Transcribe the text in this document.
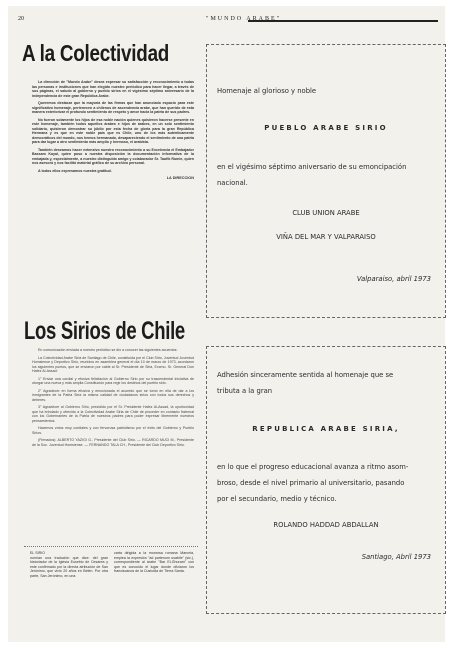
20	"MUNDO ARABE"
A la Colectividad

La dirección de "Mundo Arabe" desea expresar su satisfacción y reconocimiento a todas las personas e instituciones que han elegido nuestro periódico para hacer llegar, a través de sus páginas, el saludo al gobierno y pueblo sirios en el vigésimo séptimo aniversario de la independencia de este gran República Arabe.

Queremos destacar que la mayoría de las firmas que han anunciado espacio para este significativo homenaje, pertenecen a chilenos de ascendencia arabe, que han querido de esta manera exteriorizar el profundo sentimiento de respeto y amor hacia la patria de sus padres.

No fueron solamente los hijos de esa noble nación quienes quisieron hacerse presente en este homenaje, también todos aquellos árabes e hijos de árabes, en un solo sentimiento solidario, quisieron demostrar su júbilo por esta fecha de gloria para la gran República Hermana y es que en este noble país que es Chile, uno de los más auténticamente democráticos del mundo, nos hemos hermanado, desapareciendo el sentimiento de una patria para dar lugar a otro sentimiento más amplio y hermoso, el arabista.

También deseamos hacer extensivo nuestro reconocimiento a su Excelencia el Embajador Bassam Kayal, quien puso a nuestra disposición la documentación informativa de la embajada y, especialmente, a nuestro distinguido amigo y colaborador Sr. Taufik Rumie, quien nos asesoró y nos facilitó material gráfico de su archivo personal.

A todos ellos expresamos nuestra gratitud.

LA DIRECCION
Los Sirios de Chile

En comunicación enviada a nuestro periódico se dio a conocer las siguientes acuerdos:

La Colectividad Arabe Siria de Santiago de Chile, constituida por el Club Sirio, Juventud Juventud Homsiense y Deportivo Sirio, reunidos en asamblea general el día 10 de marzo de 1973, acordaron los siguientes puntos, que se enviaron por cable al Sr. Presidente de Siria, Excmo. Sr. General Don Hafez Al-Assad:

1° Enviar una cordial y efusiva felicitación al Gobierno Sirio por su trascendental iniciativa de otorgar una nueva y más amplia Constitución para regir los destinos del pueblo sirio.

2° Agradecer en forma efusiva y emocionada el acuerdo que se tomó en ella de dar a los inmigrantes de la Patria Siria la misma calidad de ciudadanos sirios con todos sus derechos y deberes.

3° Agradecer al Gobierno Sirio, presidido por el Sr. Presidente Hafez Al-Assad, la oportunidad que ha brindado y ofrecido a la Colectividad Arabe Siria de Chile de proceder en contacto fraternal con los Gobernantes de la Patria de nuestros padres para poder expresar libremente nuestros pensamientos.

Hacemos votos muy cordiales y con fervorosa patriotismo por el éxito del Gobierno y Pueblo Sirios.

(Firmados): ALBERTO YAZIGI G., Presidente del Club Sirio. — RICARDO MUCI M., Presidente de la Soc. Juventud Homsiense. — FERNANDO TALA CH., Presidente del Club Deportivo Sirio.

EL SIRIO
nomían una tradución que dice: del gran historiador de la Iglesia Eusebio de Cesárea y este confirmado por la directa atribución de San Jerónimo, que vivió 20 años en Belén. Por otra parte, San Jerónimo, en una

carta dirigida a la monrosa romana Marcela, emplea la expresión "ad partenum usabile" (sic.), correspondiente al árabe "Bar El-Ghuram" con que es conocido el lugar donde oficiaron los franciscanos de la Custodia de Tierra Santa.

Homenaje al glorioso y noble
PUEBLO ARABE SIRIO
en el vigésimo séptimo aniversario de su emoncipación
nacional.
CLUB UNION ARABE
VIÑA DEL MAR Y VALPARAISO
Valparaiso, abril 1973
Adhesión sinceramente sentida al homenaje que se
tributa a la gran
REPUBLICA ARABE SIRIA,
en lo que el progreso educacional avanza a ritmo asom-
broso, desde el nivel primario al universitario, pasando
por el secundario, medio y técnico.
ROLANDO HADDAD ABDALLAN
Santiago, Abril 1973
